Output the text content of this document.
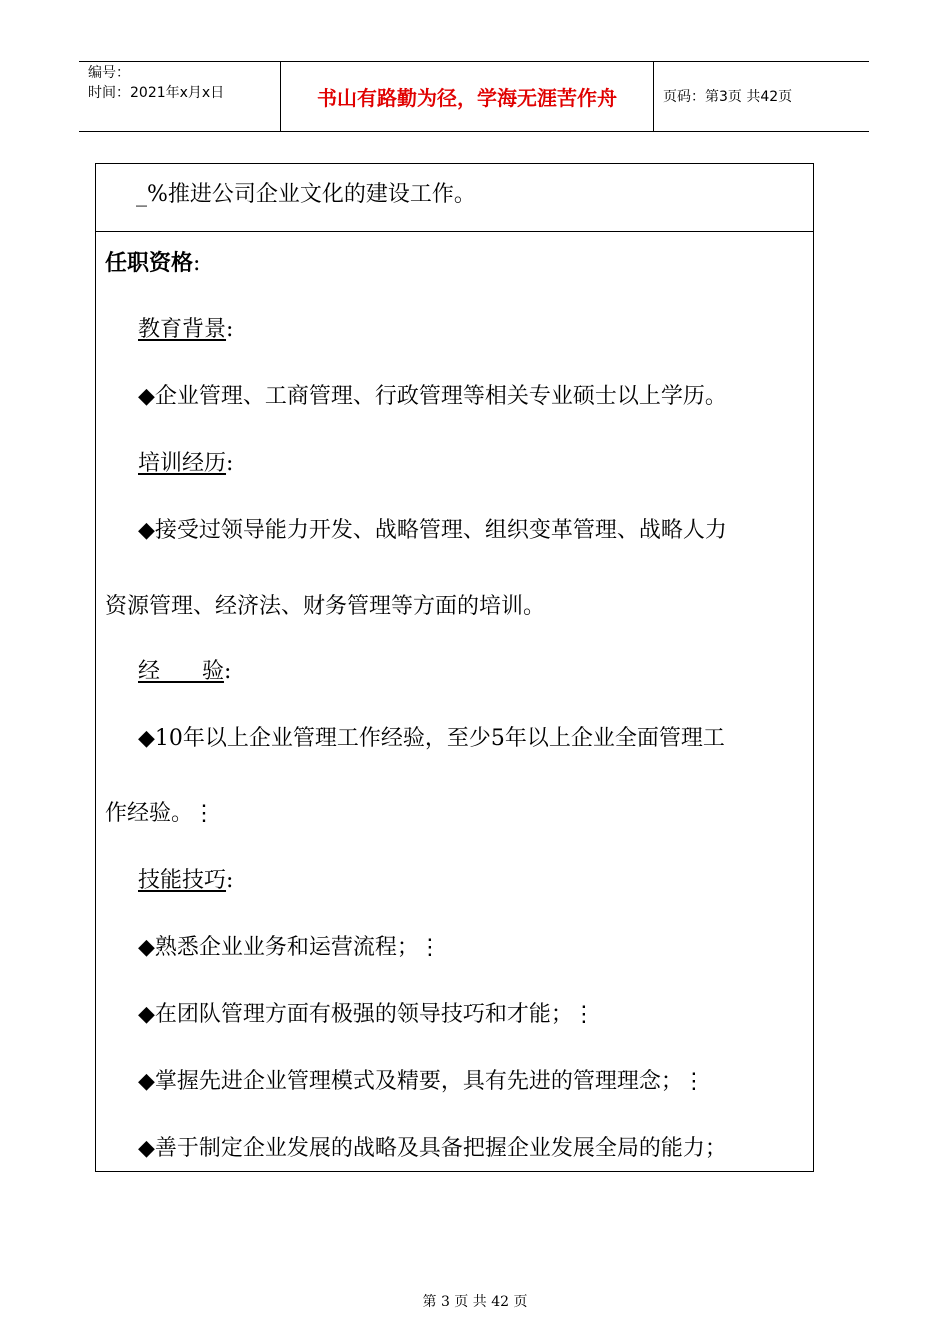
编号：
时间：2021年x月x日	书山有路勤为径，学海无涯苦作舟	页码：第3页 共42页
_%推进公司企业文化的建设工作。
任职资格:
教育背景:
◆企业管理、工商管理、行政管理等相关专业硕士以上学历。
培训经历:
◆接受过领导能力开发、战略管理、组织变革管理、战略人力
资源管理、经济法、财务管理等方面的培训。
经      验:
◆10年以上企业管理工作经验，至少5年以上企业全面管理工
作经验。⋮
技能技巧:
◆熟悉企业业务和运营流程；⋮
◆在团队管理方面有极强的领导技巧和才能；⋮
◆掌握先进企业管理模式及精要，具有先进的管理理念；⋮
◆善于制定企业发展的战略及具备把握企业发展全局的能力；
第 3 页 共 42 页
